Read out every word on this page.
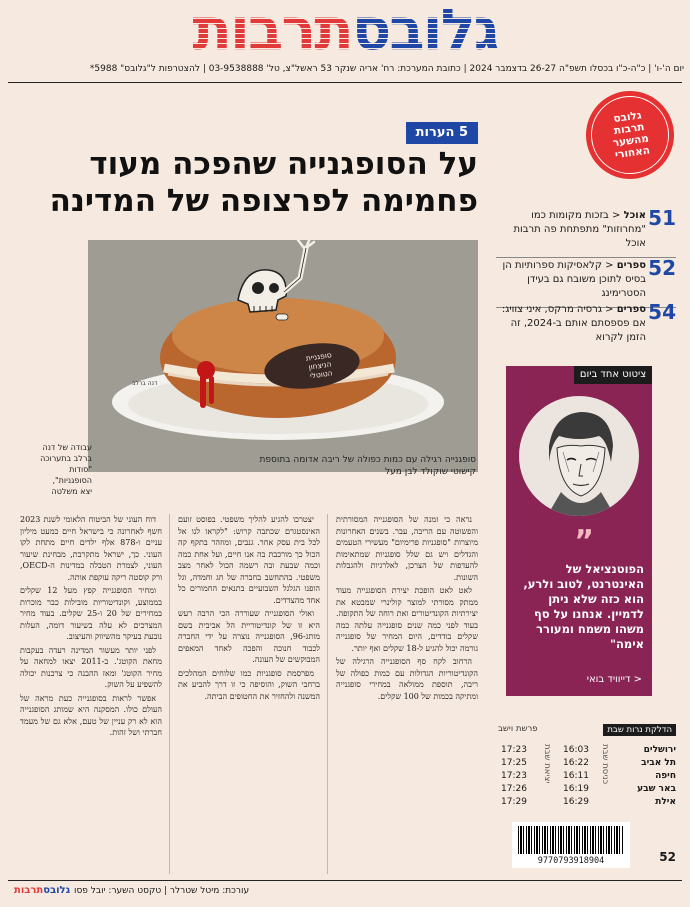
גלובס
תרבות
יום ה'-ו' | כ"ה-כ"ו בכסלו תשפ"ה 26-27 בדצמבר 2024 | כתובת המערכת: רח' אריה שנקר 53 ראשל"צ, טל' 03-9538888 | להצטרפות ל"גלובס" 5988*
גלובס
תרבות
מהשער
האחורי
51
אוכל < בזכות מקומות כמו "מחרוזות" מתפתחת פה תרבות אוכל
52
ספרים < קלאסיקות ספרותיות הן בסיס לתוכן משובח גם בעידן הסטרימינג
54
ספרים < גרסיה מרקס, איני צוויג: אם פספסתם אותם ב-2024, זה הזמן לקרוא
ציטוט אחד ביום
”
הפוטנציאל של האינטרנט, לטוב ולרע, הוא כזה שלא ניתן לדמיין. אנחנו על סף משהו משמח ומעורר אימה"
< דייוויד בואי
הדלקת נרות שבת
פרשת וישב
ירושלים
תל אביב
חיפה
באר שבע
אילת
כניסת שבת
16:03
16:22
16:11
16:19
16:29
יציאת שבת
17:23
17:25
17:23
17:26
17:29
9770793918904	52
5 הערות
על הסופגנייה שהפכה מעוד פחמימה לפרצופה של המדינה
סופגניית
הניצחון
הטוטלי
דנה ברלב
עבודה של דנה ברלב בתערוכה "סודות הסופגניות", יצא משלטה
סופגנייה רגילה עם כמות כפולה של ריבה אדומה בתוספת קישוטי שוקולד לבן מעל

נראה כי זמנה של הסופגנייה המסורתית והפשוטה עם הריבה, עבר. בשנים האחרונות מיוצרות "סופגניות פרימיום" מעשירי הטעמים והגדלים ויש גם שלל סופגניות שמתאימות להעדפות של הצרכן, לאלרגיות ולהגבלות השונות.

לאט לאט הופכת יצירת הסופגנייה מעוד ממתק מסורתי למוצר קולינרי שמבטא את יצירתיות הקונדיטורים ואת רוחה של התקופה. בעוד לפני כמה שנים סופגנייה עלתה כמה שקלים בודדים, היום המחיר של סופגנייה גורמה יכול להגיע ל-18 שקלים ואף יותר.

הרחוב לקח סף הסופגנייה הרגילה של הקונדיטוריות הגדולות עם כמות כפולה של ריבה, תוספת ממולאה במחירי סופגנייה ומתיקה בכמות של 100 שקלים.

יצטרכו להגיע להליך משפטי. בפוסט זועם האינסטגרם שכתבה קרוש: "לקראו לנו אל לכל בית עסק אחר. גנבים, ומוזהר בתקף קה הכול כך מורכבת בה אנו חיים, ועל אחת כמה וכמה שבעת ובה רשמה הכול לאחר מצב משפטי. בהתחשב בחברה של חג וחמדה, וגל הופנו הגלגל השבועיים בתנאים החמורים כל אחד מהצדדים.

ואולי הסופגנייה שעוררה הכי הרבה רעש היא זו של קונדיטוריית הל אביבית בשם מותג-96, הסופגנייה נוצרה על ידי החברה לכבוד חנוכה והפכה לאחד המאפים המבוקשים של העונה.

מפרסמת סופגניות כמו שלוחים המהלכים ברחבי השוק, והוסיפה כי זו דרך להביע את המשנה ולהחזיר את החטופים הביתה.

דוח העוני של הביטוח הלאומי לשנת 2023 חשף לאחרונה כי בישראל חיים כמעט מיליון עניים ו-878 אלף ילדים חיים מתחת לקו העוני. כך, ישראל מתקרבת, מבחינת שיעור העוני, לצמרת הטבלה במדינות ה-OECD, ורק קוסטה ריקה עוקפת אותה.

ומחיר הסופגנייה קפץ מעל 12 שקלים בממוצע, וקונדיטוריות מובילות כבר מוכרות במחירים של 20 ו-25 שקלים. בעוד מחיר המצרכים לא עלה בשיעור דומה, העלות נובעת בעיקר מהשיווק והעיצוב.

לפני יותר מעשור המדינה רעדה בעקבות מחאת הקוטג'. ב-2011 יצאו למחאה על מחיר הקוטג' ומאז ההבנה כי צרכנות יכולה להשפיע על השוק.

אפשר לראות בסופגנייה כעת מראה של העולם כולו. המסקנה היא שמותג הסופגנייה הוא לא רק עניין של טעם, אלא גם של מעמד חברתי ושל זהות.

עורכת: מיטל שטרלר | טקסט השער: יובל פסו
גלובסתרבות
